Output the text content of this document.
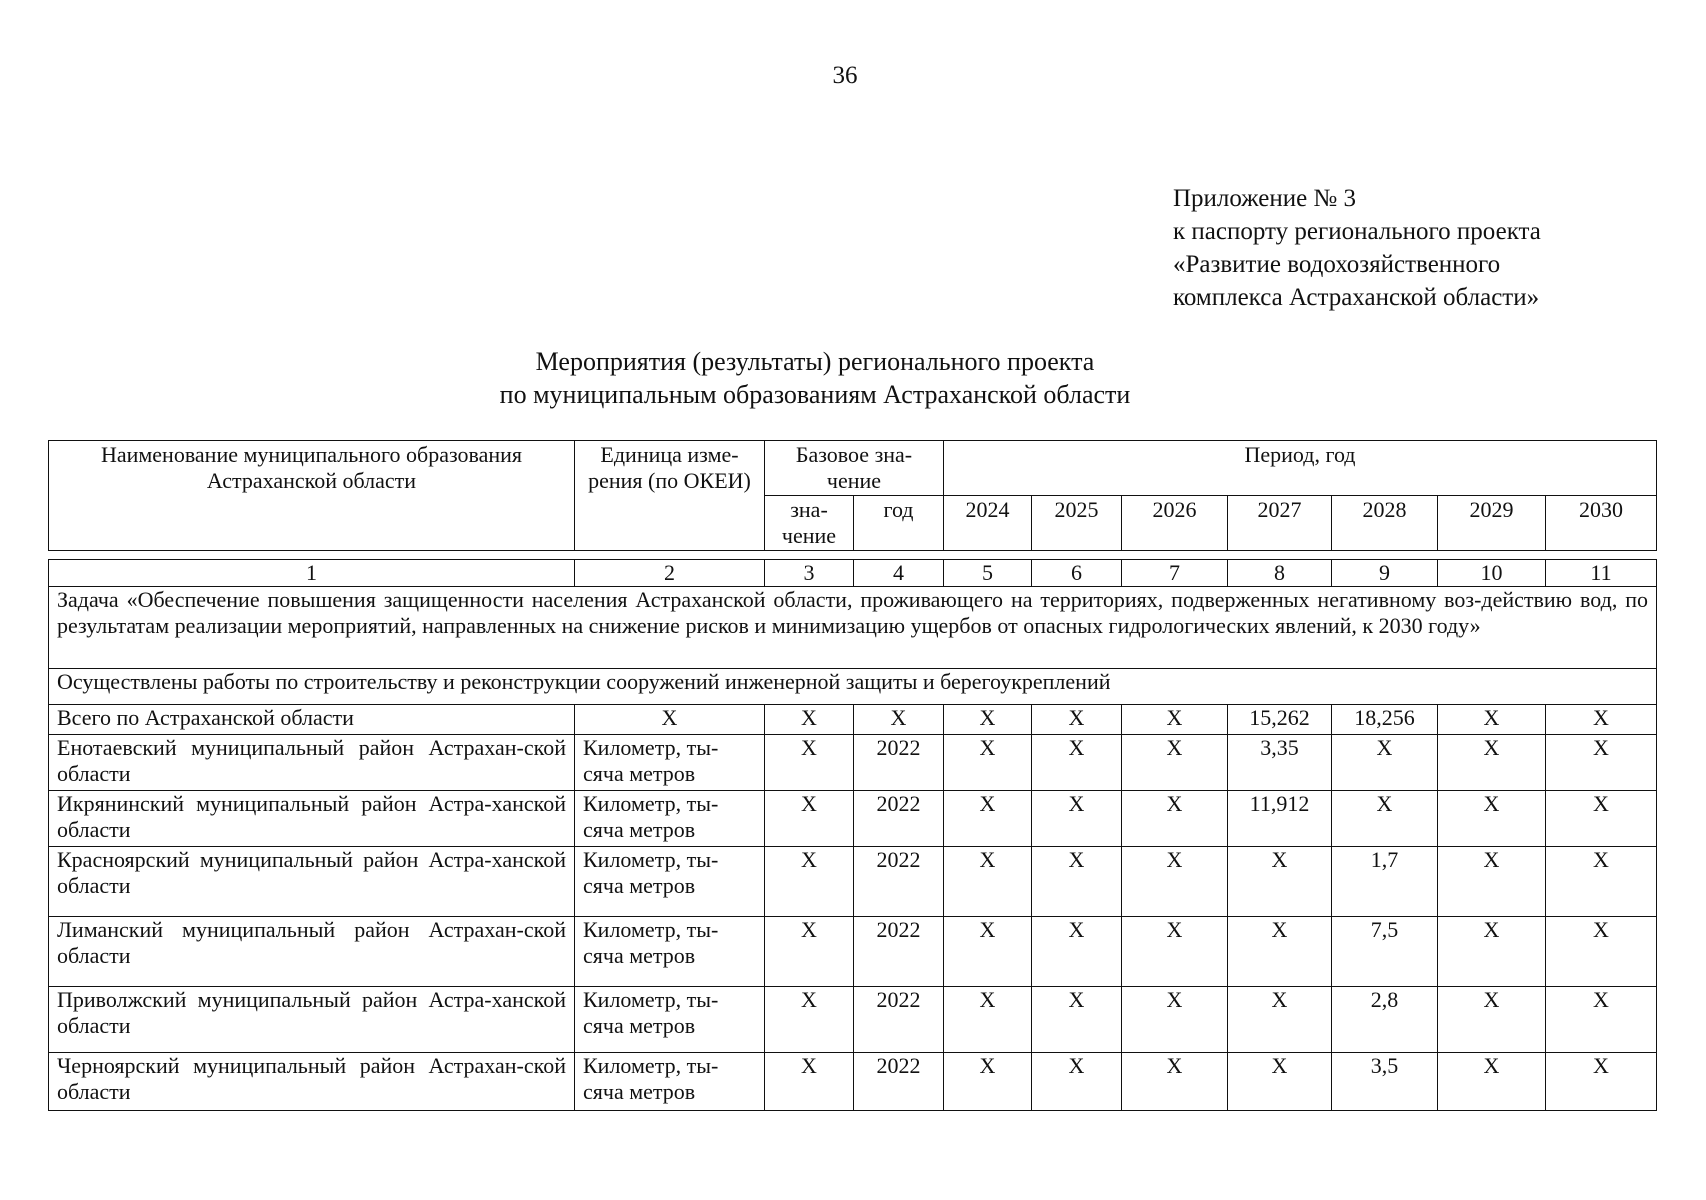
36
Приложение № 3
к паспорту регионального проекта
«Развитие водохозяйственного
комплекса Астраханской области»
Мероприятия (результаты) регионального проекта
по муниципальным образованиям Астраханской области
Наименование муниципального образования Астраханской области	Единица изме-рения (по ОКЕИ)	Базовое зна-чение		Период, год						
		зна-чение	год	2024	2025	2026	2027	2028	2029	2030
1	2	3	4	5	6	7	8	9	10	11
Задача «Обеспечение повышения защищенности населения Астраханской области, проживающего на территориях, подверженных негативному воз-действию вод, по результатам реализации мероприятий, направленных на снижение рисков и минимизацию ущербов от опасных гидрологических явлений, к 2030 году»										
Осуществлены работы по строительству и реконструкции сооружений инженерной защиты и берегоукреплений										
Всего по Астраханской области	Х	Х	Х	Х	Х	Х	15,262	18,256	Х	Х
Енотаевский муниципальный район Астрахан-ской области	Километр, ты-сяча метров	Х	2022	Х	Х	Х	3,35	Х	Х	Х
Икрянинский муниципальный район Астра-ханской области	Километр, ты-сяча метров	Х	2022	Х	Х	Х	11,912	Х	Х	Х
Красноярский муниципальный район Астра-ханской области	Километр, ты-сяча метров	Х	2022	Х	Х	Х	Х	1,7	Х	Х
Лиманский муниципальный район Астрахан-ской области	Километр, ты-сяча метров	Х	2022	Х	Х	Х	Х	7,5	Х	Х
Приволжский муниципальный район Астра-ханской области	Километр, ты-сяча метров	Х	2022	Х	Х	Х	Х	2,8	Х	Х
Черноярский муниципальный район Астрахан-ской области	Километр, ты-сяча метров	Х	2022	Х	Х	Х	Х	3,5	Х	Х
